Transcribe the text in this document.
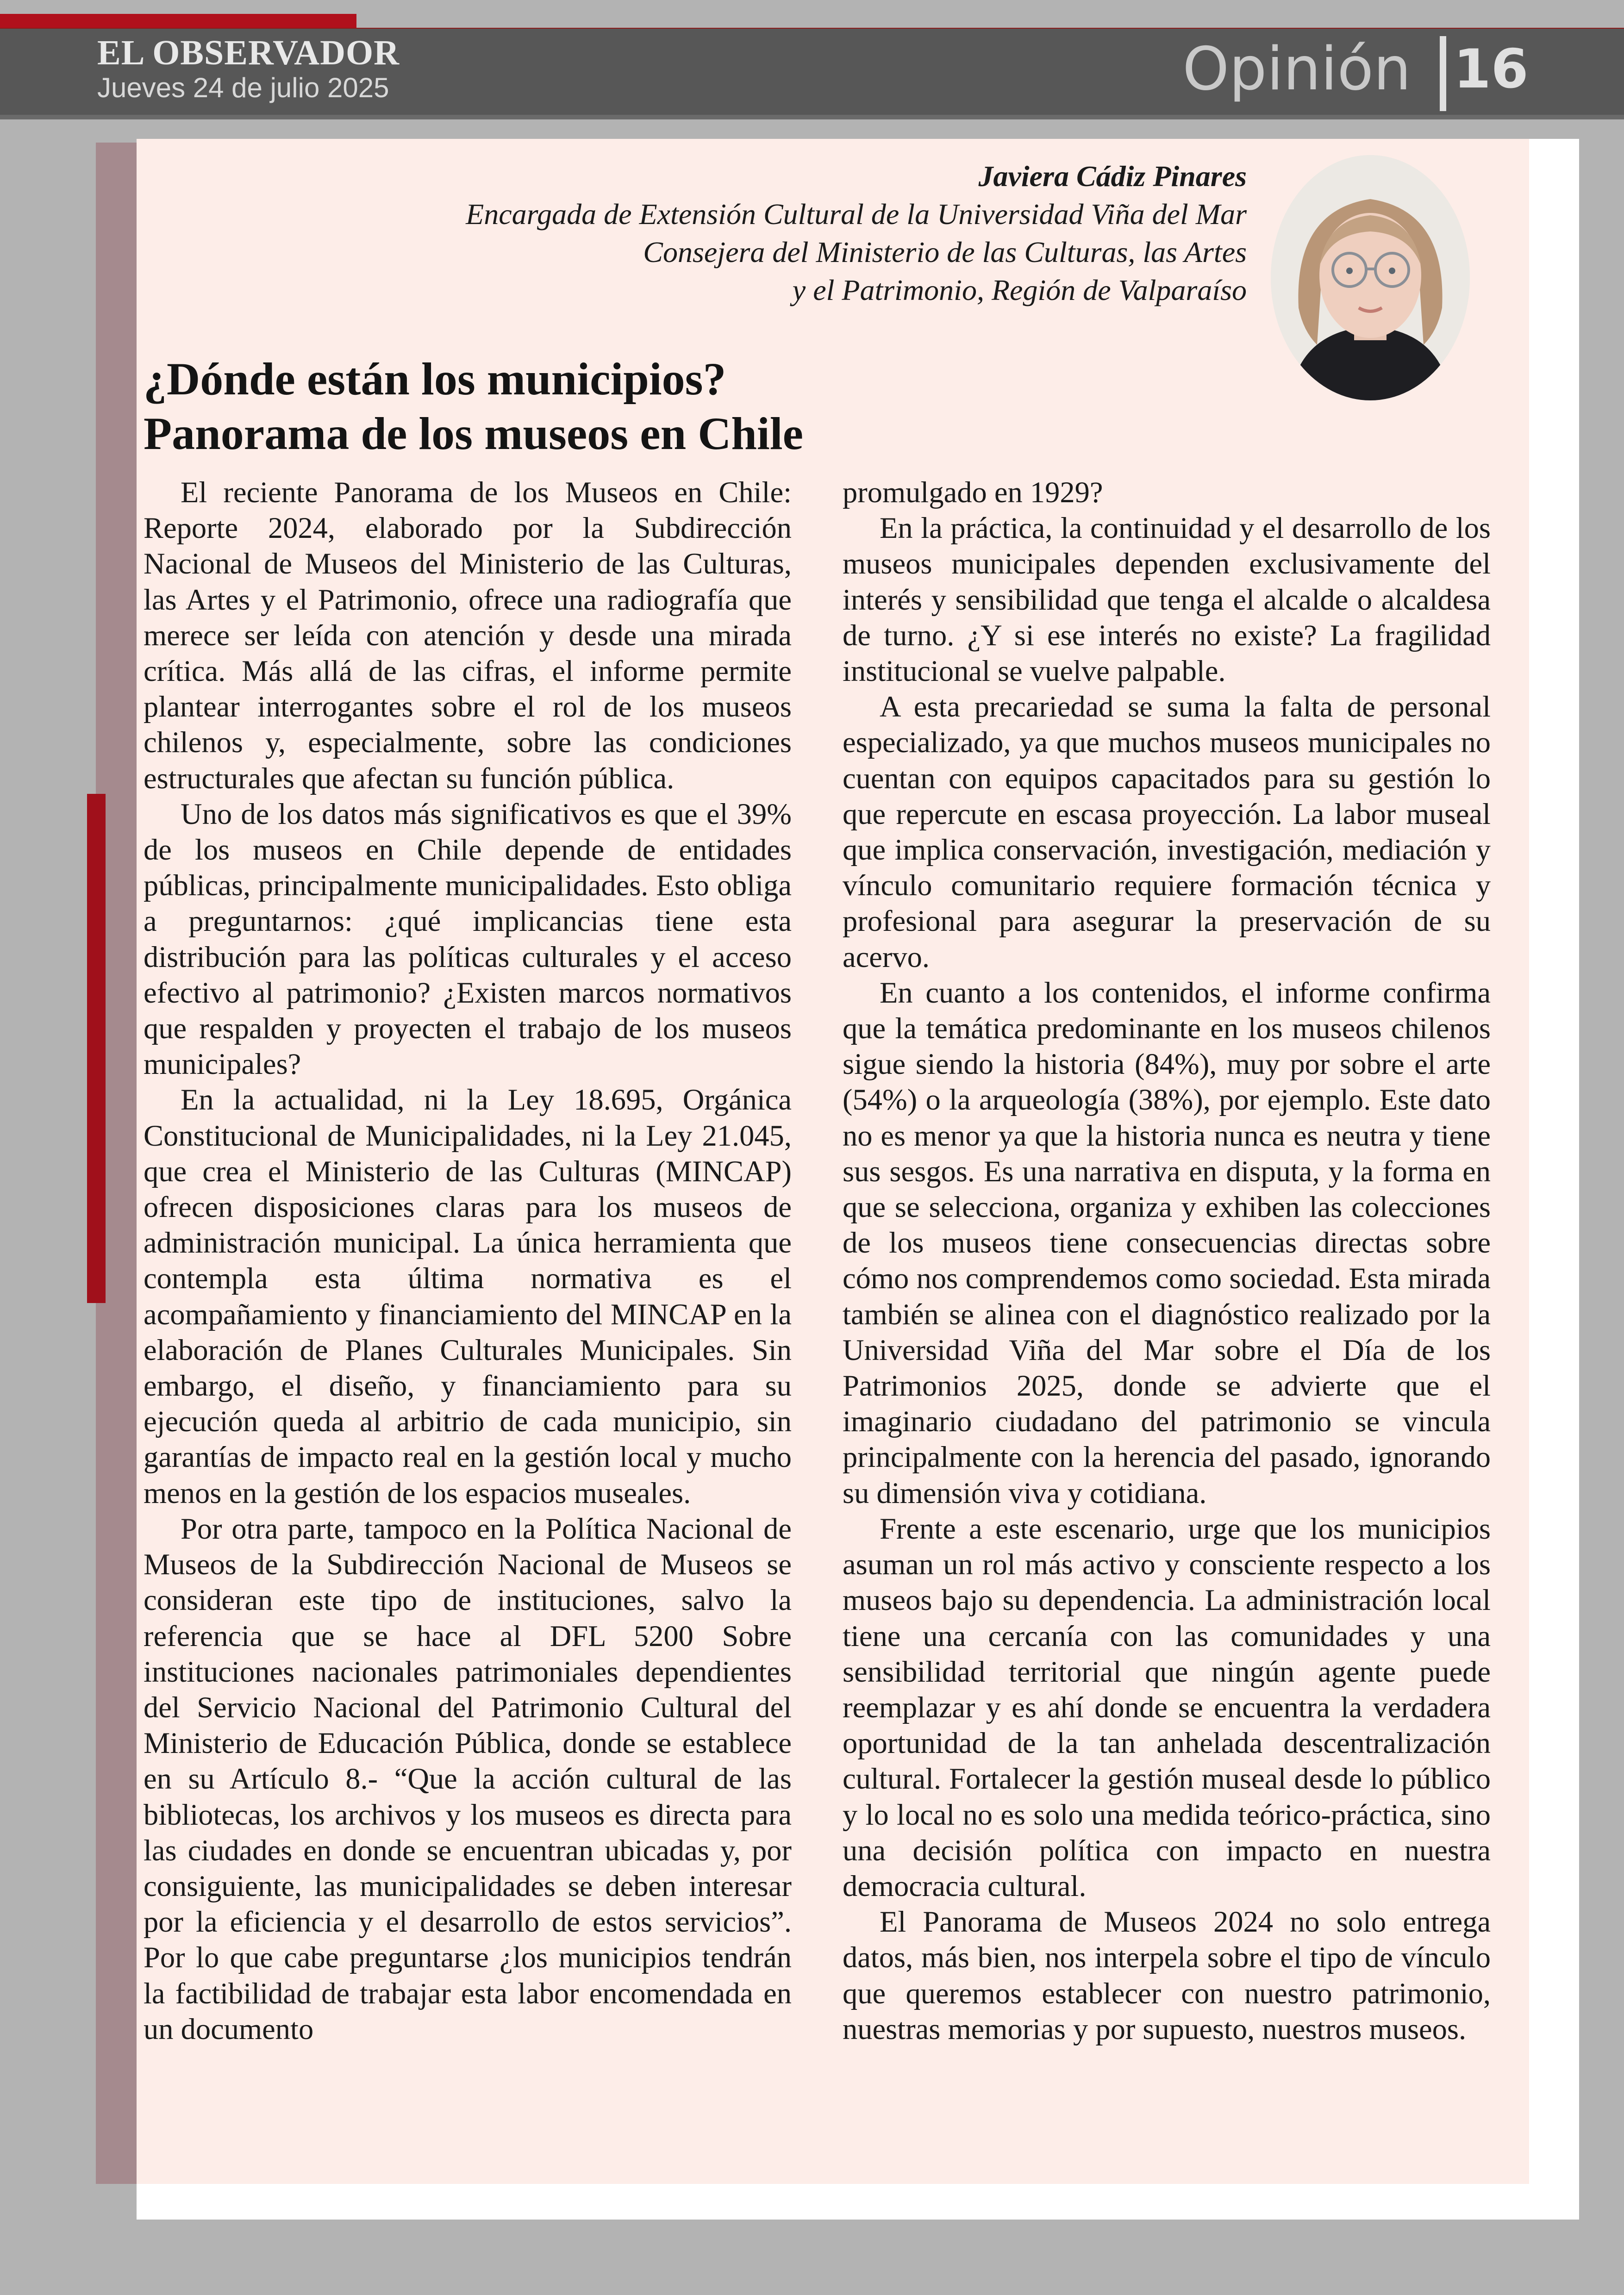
EL OBSERVADOR
Jueves 24 de julio 2025	Opinión 16
Javiera Cádiz Pinares
Encargada de Extensión Cultural de la Universidad Viña del Mar
Consejera del Ministerio de las Culturas, las Artes
y el Patrimonio, Región de Valparaíso
¿Dónde están los municipios?
Panorama de los museos en Chile

El reciente Panorama de los Museos en Chile: Reporte 2024, elaborado por la Subdirección Nacional de Museos del Ministerio de las Culturas, las Artes y el Patrimonio, ofrece una radiografía que merece ser leída con atención y desde una mirada crítica. Más allá de las cifras, el informe permite plantear interrogantes sobre el rol de los museos chilenos y, especialmente, sobre las condiciones estructurales que afectan su función pública.

Uno de los datos más significativos es que el 39% de los museos en Chile depende de entidades públicas, principalmente municipalidades. Esto obliga a preguntarnos: ¿qué implicancias tiene esta distribución para las políticas culturales y el acceso efectivo al patrimonio? ¿Existen marcos normativos que respalden y proyecten el trabajo de los museos municipales?

En la actualidad, ni la Ley 18.695, Orgánica Constitucional de Municipalidades, ni la Ley 21.045, que crea el Ministerio de las Culturas (MINCAP) ofrecen disposiciones claras para los museos de administración municipal. La única herramienta que contempla esta última normativa es el acompañamiento y financiamiento del MINCAP en la elaboración de Planes Culturales Municipales. Sin embargo, el diseño, y financiamiento para su ejecución queda al arbitrio de cada municipio, sin garantías de impacto real en la gestión local y mucho menos en la gestión de los espacios museales.

Por otra parte, tampoco en la Política Nacional de Museos de la Subdirección Nacional de Museos se consideran este tipo de instituciones, salvo la referencia que se hace al DFL 5200 Sobre instituciones nacionales patrimoniales dependientes del Servicio Nacional del Patrimonio Cultural del Ministerio de Educación Pública, donde se establece en su Artículo 8.- “Que la acción cultural de las bibliotecas, los archivos y los museos es directa para las ciudades en donde se encuentran ubicadas y, por consiguiente, las municipalidades se deben interesar por la eficiencia y el desarrollo de estos servicios”. Por lo que cabe preguntarse ¿los municipios tendrán la factibilidad de trabajar esta labor encomendada en un documento

promulgado en 1929?

En la práctica, la continuidad y el desarrollo de los museos municipales dependen exclusivamente del interés y sensibilidad que tenga el alcalde o alcaldesa de turno. ¿Y si ese interés no existe? La fragilidad institucional se vuelve palpable.

A esta precariedad se suma la falta de personal especializado, ya que muchos museos municipales no cuentan con equipos capacitados para su gestión lo que repercute en escasa proyección. La labor museal que implica conservación, investigación, mediación y vínculo comunitario requiere formación técnica y profesional para asegurar la preservación de su acervo.

En cuanto a los contenidos, el informe confirma que la temática predominante en los museos chilenos sigue siendo la historia (84%), muy por sobre el arte (54%) o la arqueología (38%), por ejemplo. Este dato no es menor ya que la historia nunca es neutra y tiene sus sesgos. Es una narrativa en disputa, y la forma en que se selecciona, organiza y exhiben las colecciones de los museos tiene consecuencias directas sobre cómo nos comprendemos como sociedad. Esta mirada también se alinea con el diagnóstico realizado por la Universidad Viña del Mar sobre el Día de los Patrimonios 2025, donde se advierte que el imaginario ciudadano del patrimonio se vincula principalmente con la herencia del pasado, ignorando su dimensión viva y cotidiana.

Frente a este escenario, urge que los municipios asuman un rol más activo y consciente respecto a los museos bajo su dependencia. La administración local tiene una cercanía con las comunidades y una sensibilidad territorial que ningún agente puede reemplazar y es ahí donde se encuentra la verdadera oportunidad de la tan anhelada descentralización cultural. Fortalecer la gestión museal desde lo público y lo local no es solo una medida teórico-práctica, sino una decisión política con impacto en nuestra democracia cultural.

El Panorama de Museos 2024 no solo entrega datos, más bien, nos interpela sobre el tipo de vínculo que queremos establecer con nuestro patrimonio, nuestras memorias y por supuesto, nuestros museos.
